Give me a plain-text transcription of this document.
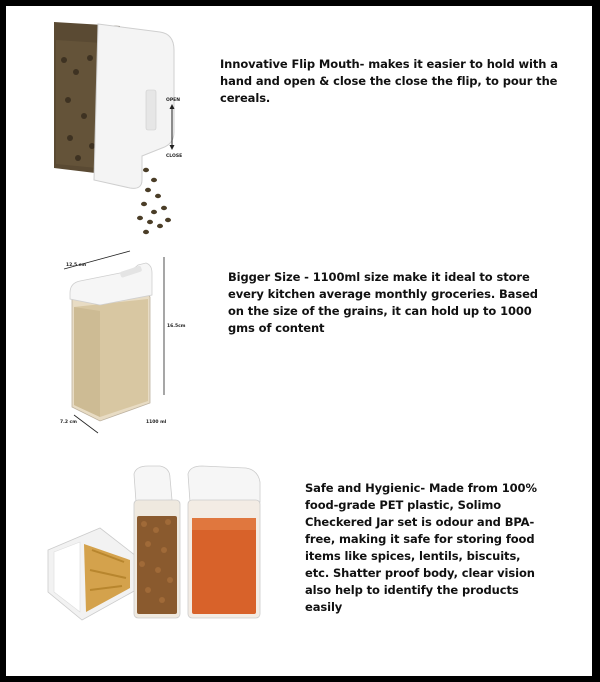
OPEN
CLOSE
12.5 cm
16.5cm
7.2 cm	1100 ml
Innovative Flip Mouth- makes it easier to hold with a hand and open & close the close the flip, to pour the cereals.
Bigger Size - 1100ml size make it ideal to store every kitchen average monthly groceries. Based on the size of the grains, it can hold up to 1000 gms of content
Safe and Hygienic- Made from 100% food-grade PET plastic, Solimo Checkered Jar set is odour and BPA-free, making it safe for storing food items like spices, lentils, biscuits, etc. Shatter proof body, clear vision also help to identify the products easily
